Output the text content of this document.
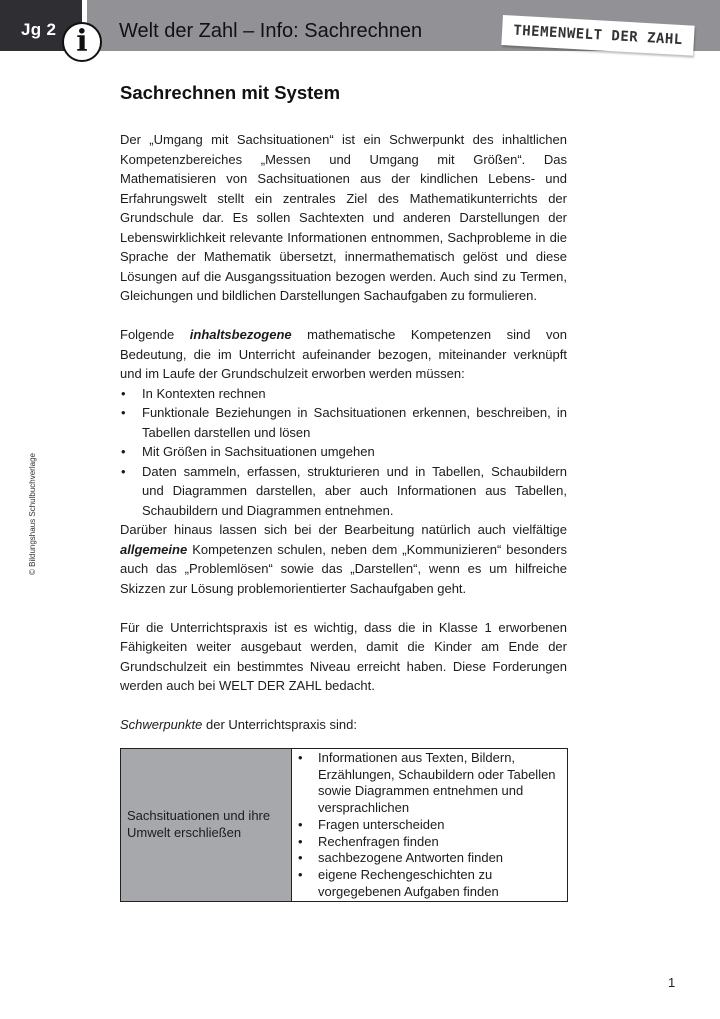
Jg 2 i	Welt der Zahl – Info: Sachrechnen	THEMENWELT DER ZAHL
© Bildungshaus Schulbuchverlage
Sachrechnen mit System

Der „Umgang mit Sachsituationen“ ist ein Schwerpunkt des inhaltlichen Kompetenzbereiches „Messen und Umgang mit Größen“. Das Mathematisieren von Sachsituationen aus der kindlichen Lebens- und Erfahrungswelt stellt ein zentrales Ziel des Mathematikunterrichts der Grundschule dar. Es sollen Sachtexten und anderen Darstellungen der Lebenswirklichkeit relevante Informationen entnommen, Sachprobleme in die Sprache der Mathematik übersetzt, innermathematisch gelöst und diese Lösungen auf die Ausgangssituation bezogen werden. Auch sind zu Termen, Gleichungen und bildlichen Darstellungen Sachaufgaben zu formulieren.

Folgende inhaltsbezogene mathematische Kompetenzen sind von Bedeutung, die im Unterricht aufeinander bezogen, miteinander verknüpft und im Laufe der Grundschulzeit erworben werden müssen:

• In Kontexten rechnen
• Funktionale Beziehungen in Sachsituationen erkennen, beschreiben, in Tabellen darstellen und lösen
• Mit Größen in Sachsituationen umgehen
• Daten sammeln, erfassen, strukturieren und in Tabellen, Schaubildern und Diagrammen darstellen, aber auch Informationen aus Tabellen, Schaubildern und Diagrammen entnehmen.

Darüber hinaus lassen sich bei der Bearbeitung natürlich auch vielfältige allgemeine Kompetenzen schulen, neben dem „Kommunizieren“ besonders auch das „Problemlösen“ sowie das „Darstellen“, wenn es um hilfreiche Skizzen zur Lösung problemorientierter Sachaufgaben geht.

Für die Unterrichtspraxis ist es wichtig, dass die in Klasse 1 erworbenen Fähigkeiten weiter ausgebaut werden, damit die Kinder am Ende der Grundschulzeit ein bestimmtes Niveau erreicht haben. Diese Forderungen werden auch bei WELT DER ZAHL bedacht.

Schwerpunkte der Unterrichtspraxis sind:

Sachsituationen und ihre Umwelt erschließen	
• Informationen aus Texten, Bildern, Erzählungen, Schaubildern oder Tabellen sowie Diagrammen entnehmen und versprachlichen
• Fragen unterscheiden
• Rechenfragen finden
• sachbezogene Antworten finden
• eigene Rechengeschichten zu vorgegebenen Aufgaben finden
1
